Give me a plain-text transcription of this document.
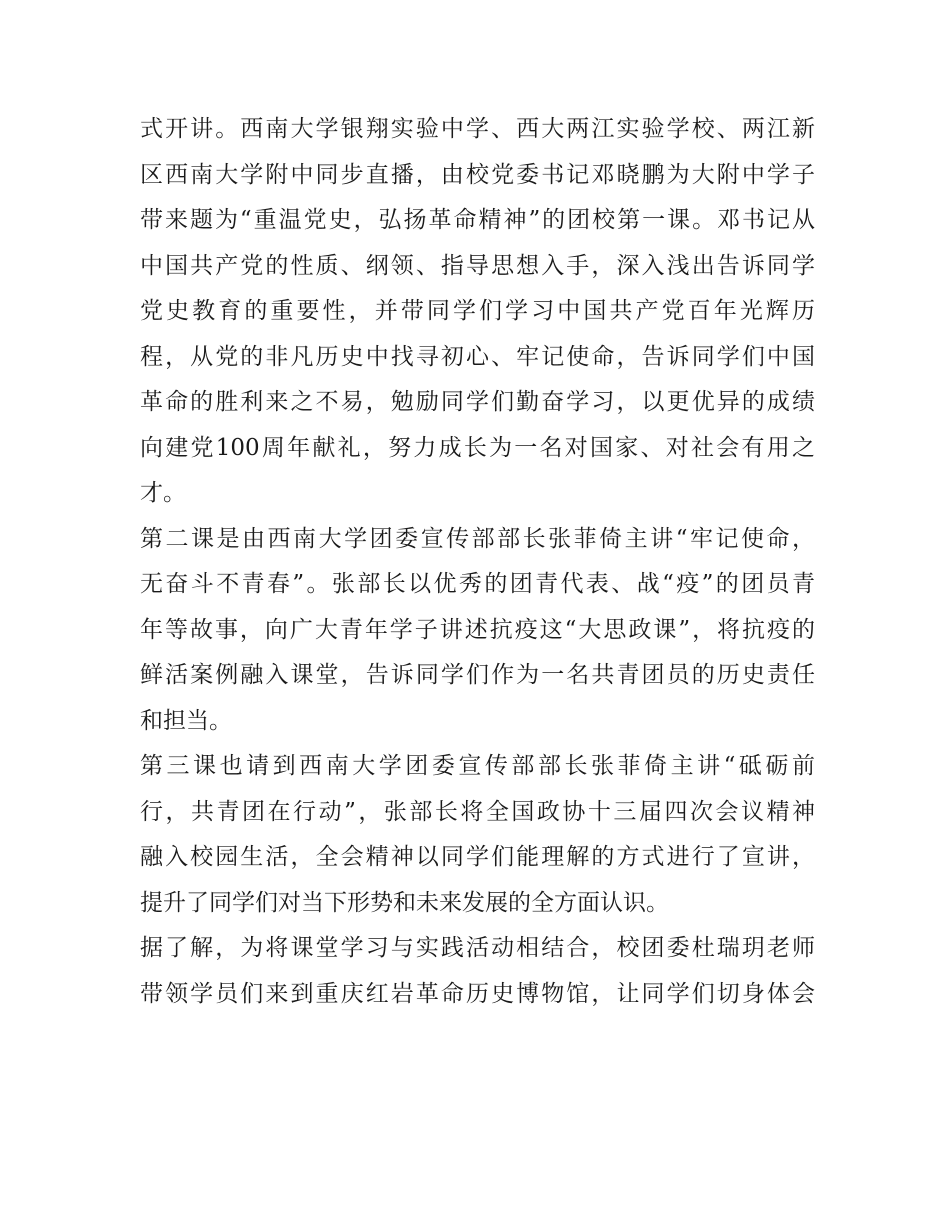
式开讲。西南大学银翔实验中学、西大两江实验学校、两江新
区西南大学附中同步直播，由校党委书记邓晓鹏为大附中学子
带来题为“重温党史，弘扬革命精神”的团校第一课。邓书记从
中国共产党的性质、纲领、指导思想入手，深入浅出告诉同学
党史教育的重要性，并带同学们学习中国共产党百年光辉历
程，从党的非凡历史中找寻初心、牢记使命，告诉同学们中国
革命的胜利来之不易，勉励同学们勤奋学习，以更优异的成绩
向建党100周年献礼，努力成长为一名对国家、对社会有用之
才。
第二课是由西南大学团委宣传部部长张菲倚主讲“牢记使命，
无奋斗不青春”。张部长以优秀的团青代表、战“疫”的团员青
年等故事，向广大青年学子讲述抗疫这“大思政课”，将抗疫的
鲜活案例融入课堂，告诉同学们作为一名共青团员的历史责任
和担当。
第三课也请到西南大学团委宣传部部长张菲倚主讲“砥砺前
行，共青团在行动”，张部长将全国政协十三届四次会议精神
融入校园生活，全会精神以同学们能理解的方式进行了宣讲，
提升了同学们对当下形势和未来发展的全方面认识。
据了解，为将课堂学习与实践活动相结合，校团委杜瑞玥老师
带领学员们来到重庆红岩革命历史博物馆，让同学们切身体会
